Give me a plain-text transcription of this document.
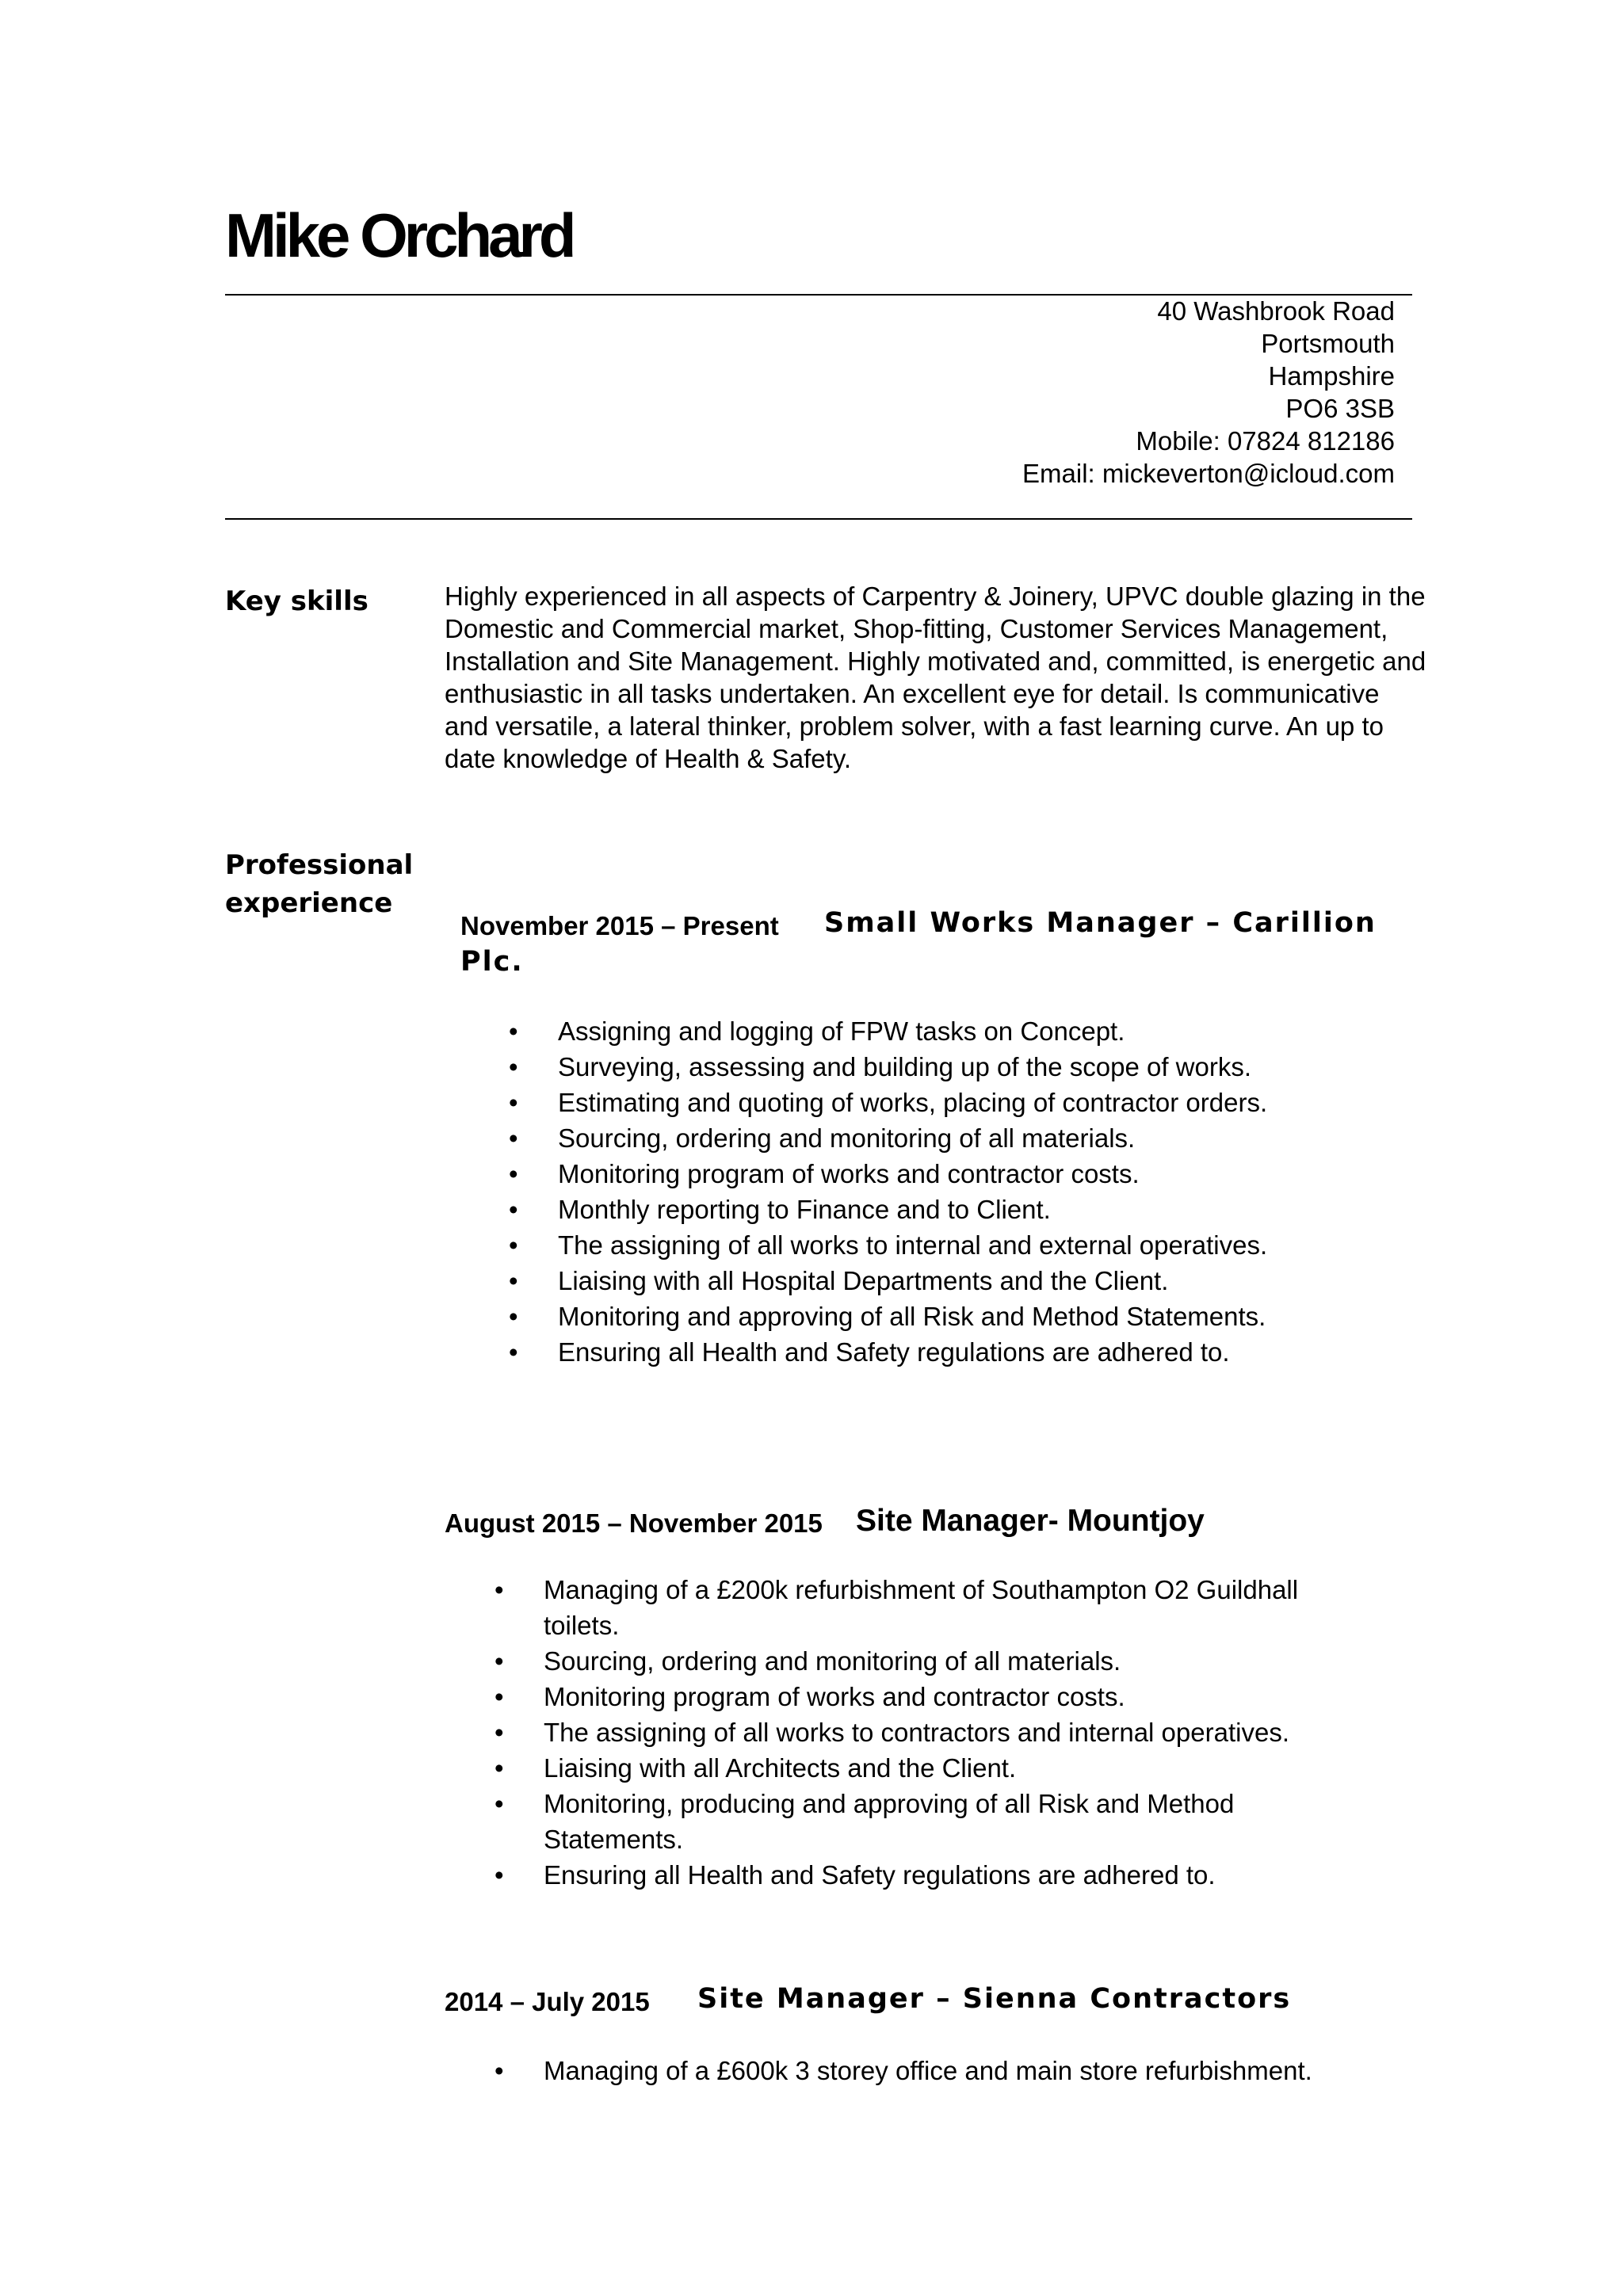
Mike Orchard
40 Washbrook Road
Portsmouth
Hampshire
PO6 3SB
Mobile: 07824 812186
Email: mickeverton@icloud.com
Key skills	Highly experienced in all aspects of Carpentry & Joinery, UPVC double glazing in the Domestic and Commercial market, Shop-fitting, Customer Services Management, Installation and Site Management. Highly motivated and, committed, is energetic and enthusiastic in all tasks undertaken. An excellent eye for detail. Is communicative and versatile, a lateral thinker, problem solver, with a fast learning curve. An up to date knowledge of Health & Safety.

Professional
experience
November 2015 – Present Small Works Manager – Carillion
Plc.
• Assigning and logging of FPW tasks on Concept.
• Surveying, assessing and building up of the scope of works.
• Estimating and quoting of works, placing of contractor orders.
• Sourcing, ordering and monitoring of all materials.
• Monitoring program of works and contractor costs.
• Monthly reporting to Finance and to Client.
• The assigning of all works to internal and external operatives.
• Liaising with all Hospital Departments and the Client.
• Monitoring and approving of all Risk and Method Statements.
• Ensuring all Health and Safety regulations are adhered to.
August 2015 – November 2015 Site Manager- Mountjoy
• Managing of a £200k refurbishment of Southampton O2 Guildhall toilets.
• Sourcing, ordering and monitoring of all materials.
• Monitoring program of works and contractor costs.
• The assigning of all works to contractors and internal operatives.
• Liaising with all Architects and the Client.
• Monitoring, producing and approving of all Risk and Method Statements.
• Ensuring all Health and Safety regulations are adhered to.
2014 – July 2015 Site Manager – Sienna Contractors
• Managing of a £600k 3 storey office and main store refurbishment.
